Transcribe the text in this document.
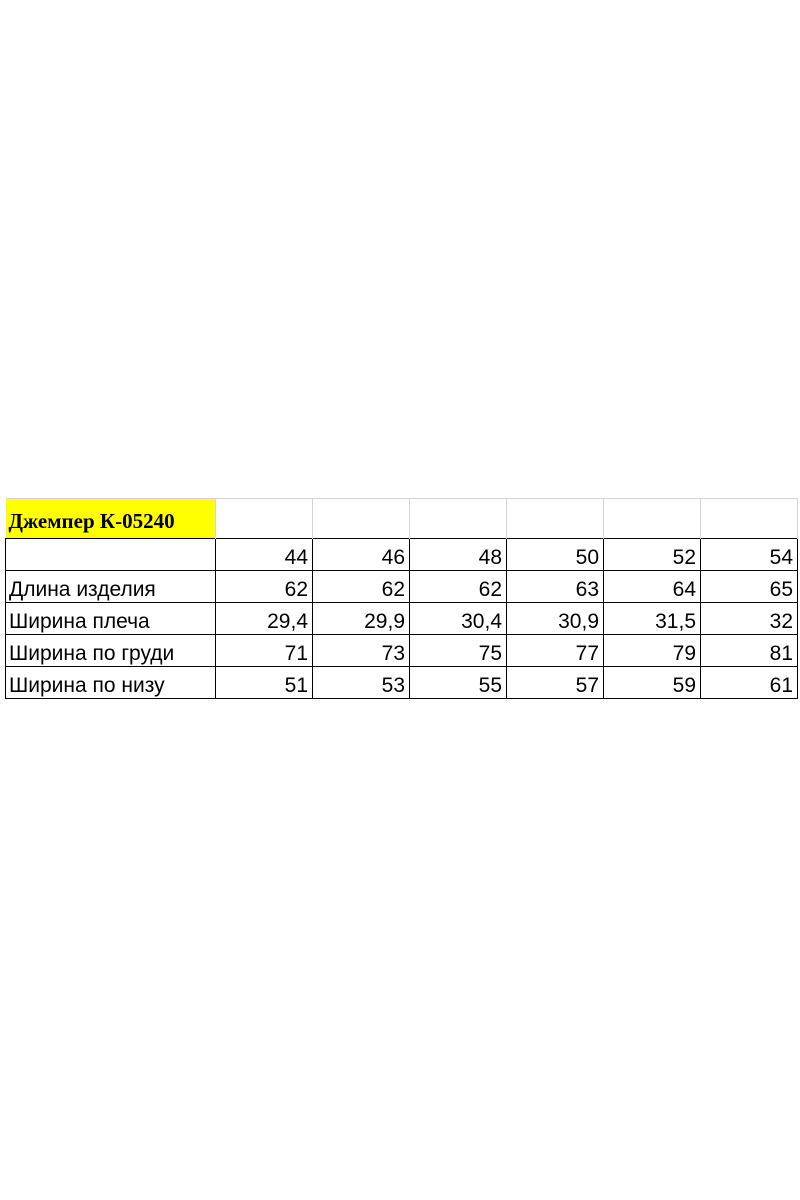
Джемпер К-05240						
	44	46	48	50	52	54
Длина изделия	62	62	62	63	64	65
Ширина плеча	29,4	29,9	30,4	30,9	31,5	32
Ширина по груди	71	73	75	77	79	81
Ширина по низу	51	53	55	57	59	61
